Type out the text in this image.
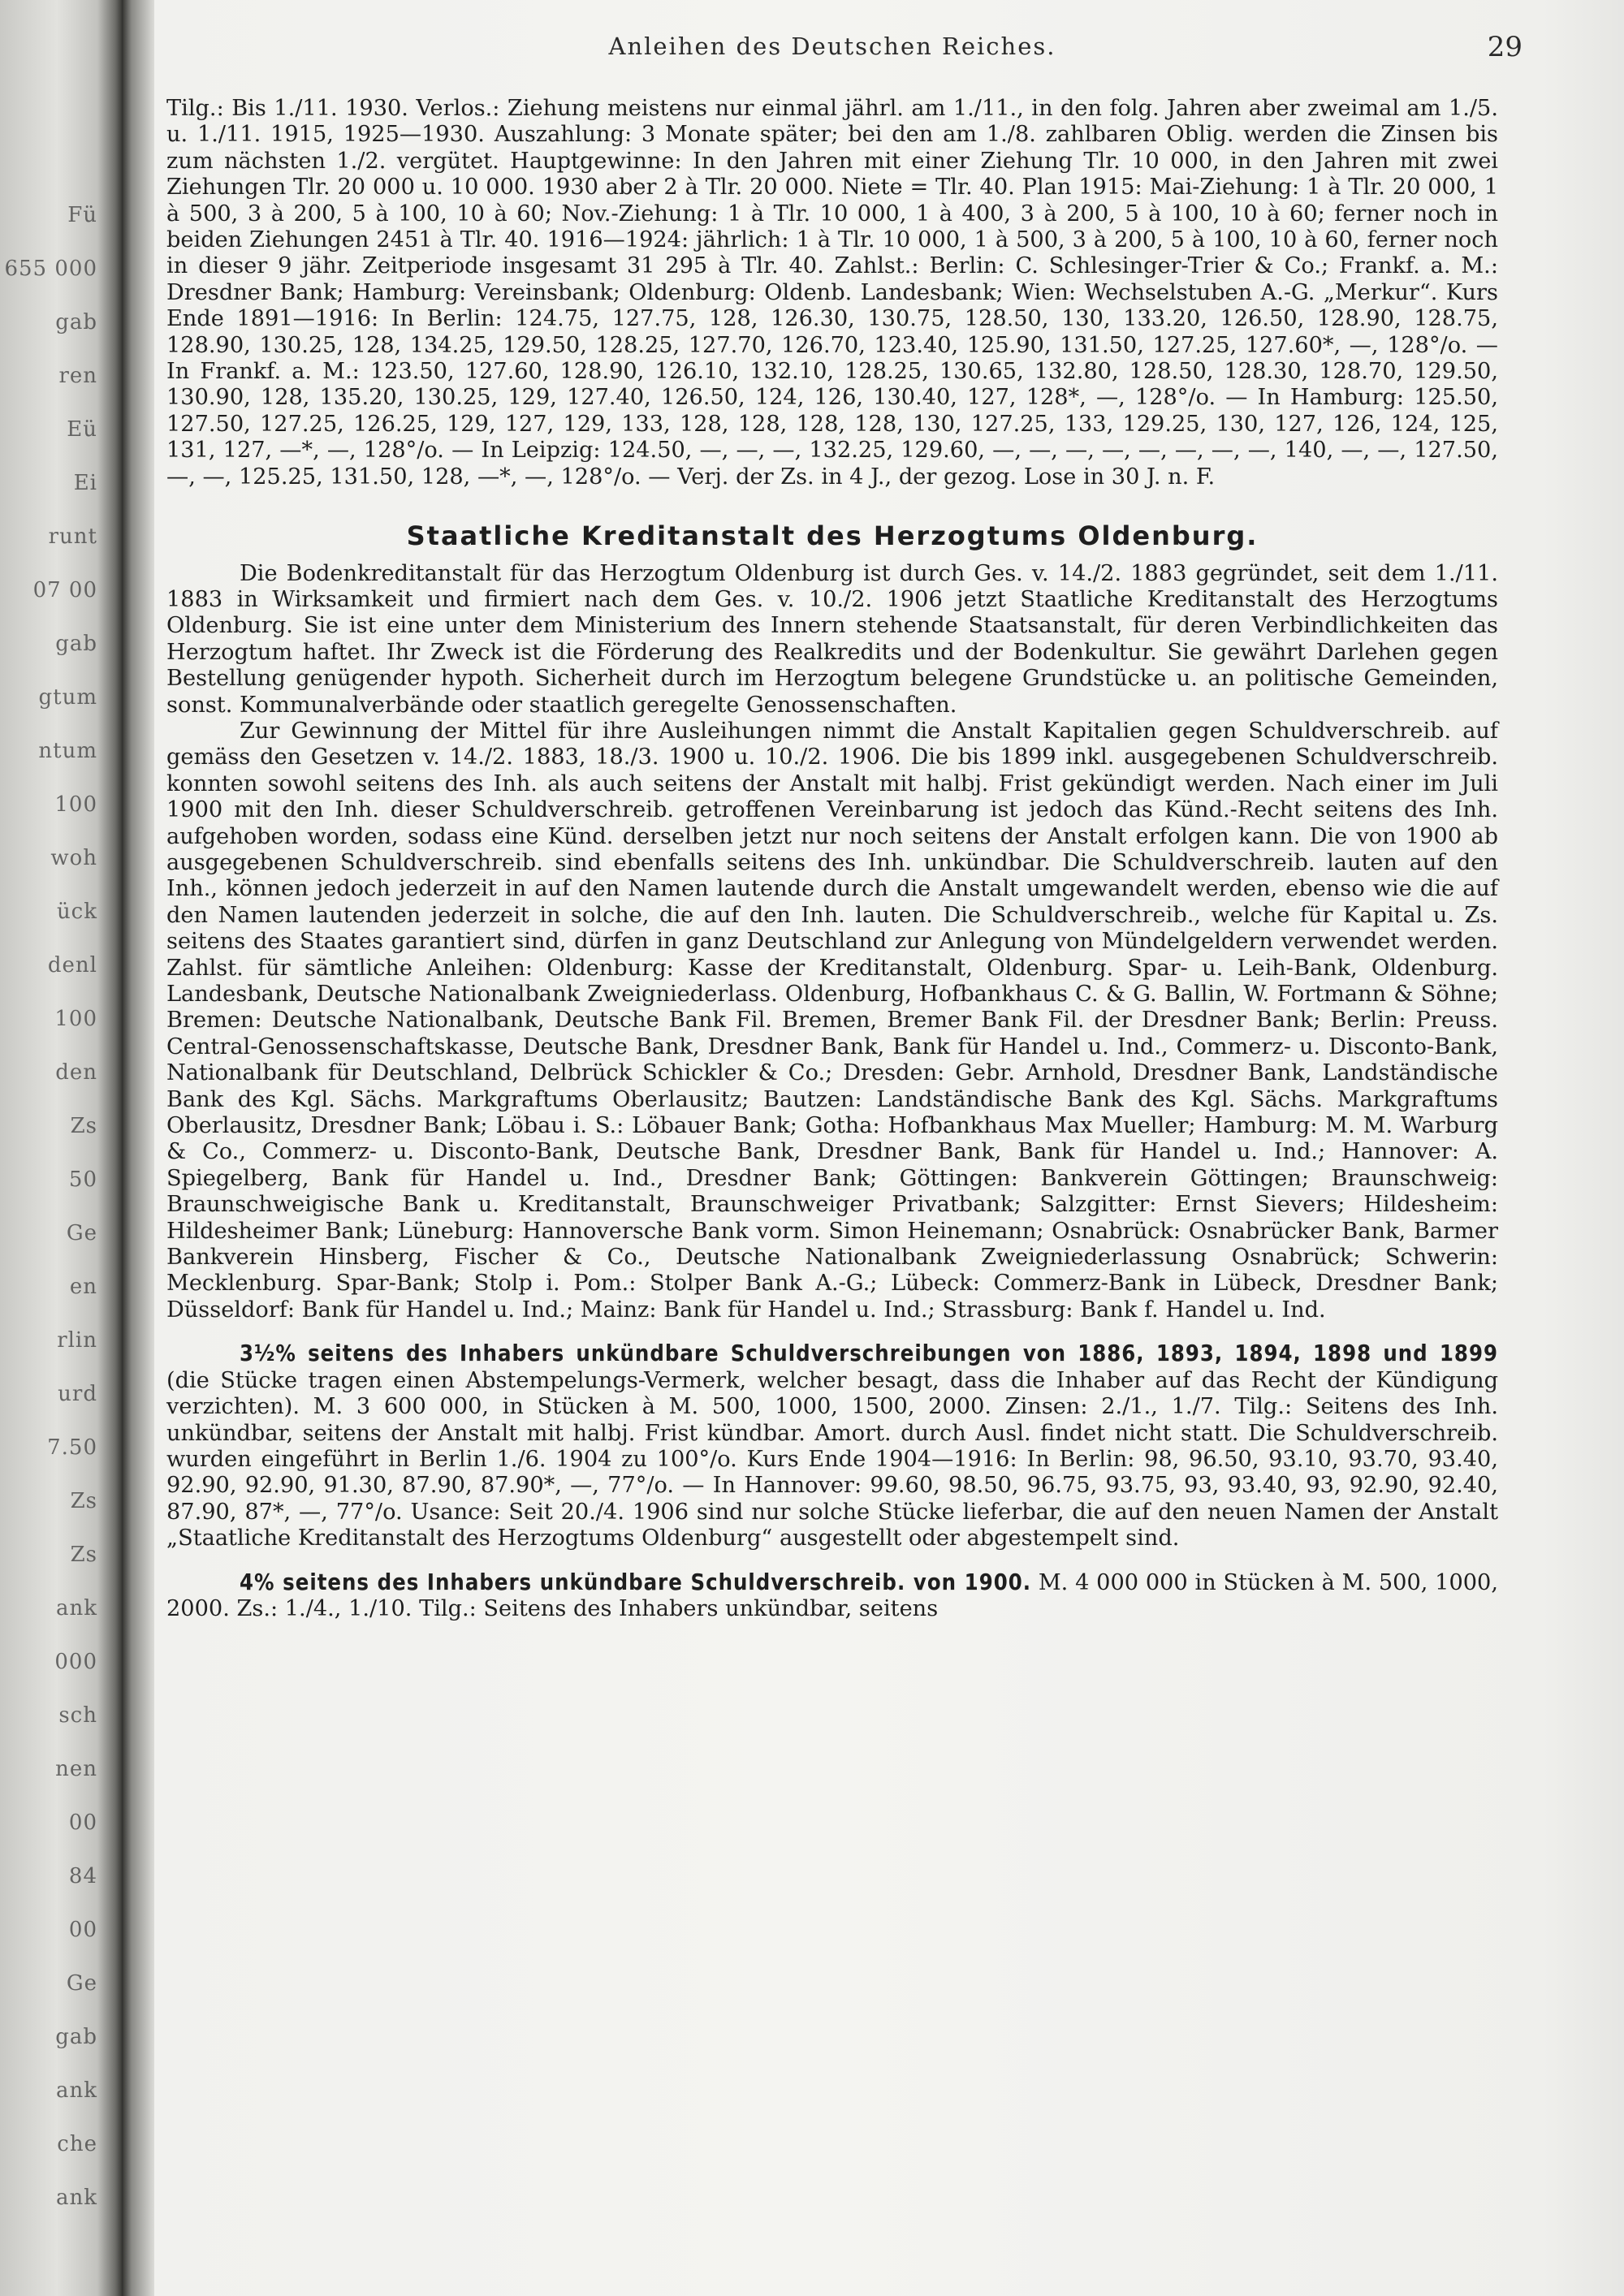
Fü
655 000
gab
ren
Eü
Ei
runt
07 00
gab
gtum
ntum
100
woh
ück
denl
100
den
Zs
50
Ge
en
rlin
urd
7.50
Zs
Zs
ank
000
sch
nen
00
84
00
Ge
gab
ank
che
ank
Anleihen des Deutschen Reiches.	29

Tilg.: Bis 1./11. 1930. Verlos.: Ziehung meistens nur einmal jährl. am 1./11., in den folg. Jahren aber zweimal am 1./5. u. 1./11. 1915, 1925—1930. Auszahlung: 3 Monate später; bei den am 1./8. zahlbaren Oblig. werden die Zinsen bis zum nächsten 1./2. vergütet. Hauptgewinne: In den Jahren mit einer Ziehung Tlr. 10 000, in den Jahren mit zwei Ziehungen Tlr. 20 000 u. 10 000. 1930 aber 2 à Tlr. 20 000. Niete = Tlr. 40. Plan 1915: Mai-Ziehung: 1 à Tlr. 20 000, 1 à 500, 3 à 200, 5 à 100, 10 à 60; Nov.-Ziehung: 1 à Tlr. 10 000, 1 à 400, 3 à 200, 5 à 100, 10 à 60; ferner noch in beiden Ziehungen 2451 à Tlr. 40. 1916—1924: jährlich: 1 à Tlr. 10 000, 1 à 500, 3 à 200, 5 à 100, 10 à 60, ferner noch in dieser 9 jähr. Zeitperiode insgesamt 31 295 à Tlr. 40. Zahlst.: Berlin: C. Schlesinger-Trier & Co.; Frankf. a. M.: Dresdner Bank; Hamburg: Vereinsbank; Oldenburg: Oldenb. Landesbank; Wien: Wechselstuben A.-G. „Merkur“. Kurs Ende 1891—1916: In Berlin: 124.75, 127.75, 128, 126.30, 130.75, 128.50, 130, 133.20, 126.50, 128.90, 128.75, 128.90, 130.25, 128, 134.25, 129.50, 128.25, 127.70, 126.70, 123.40, 125.90, 131.50, 127.25, 127.60*, —, 128°/o. — In Frankf. a. M.: 123.50, 127.60, 128.90, 126.10, 132.10, 128.25, 130.65, 132.80, 128.50, 128.30, 128.70, 129.50, 130.90, 128, 135.20, 130.25, 129, 127.40, 126.50, 124, 126, 130.40, 127, 128*, —, 128°/o. — In Hamburg: 125.50, 127.50, 127.25, 126.25, 129, 127, 129, 133, 128, 128, 128, 128, 130, 127.25, 133, 129.25, 130, 127, 126, 124, 125, 131, 127, —*, —, 128°/o. — In Leipzig: 124.50, —, —, —, 132.25, 129.60, —, —, —, —, —, —, —, —, 140, —, —, 127.50, —, —, 125.25, 131.50, 128, —*, —, 128°/o. — Verj. der Zs. in 4 J., der gezog. Lose in 30 J. n. F.

Staatliche Kreditanstalt des Herzogtums Oldenburg.

Die Bodenkreditanstalt für das Herzogtum Oldenburg ist durch Ges. v. 14./2. 1883 gegründet, seit dem 1./11. 1883 in Wirksamkeit und firmiert nach dem Ges. v. 10./2. 1906 jetzt Staatliche Kreditanstalt des Herzogtums Oldenburg. Sie ist eine unter dem Ministerium des Innern stehende Staatsanstalt, für deren Verbindlichkeiten das Herzogtum haftet. Ihr Zweck ist die Förderung des Realkredits und der Bodenkultur. Sie gewährt Darlehen gegen Bestellung genügender hypoth. Sicherheit durch im Herzogtum belegene Grundstücke u. an politische Gemeinden, sonst. Kommunalverbände oder staatlich geregelte Genossenschaften.

Zur Gewinnung der Mittel für ihre Ausleihungen nimmt die Anstalt Kapitalien gegen Schuldverschreib. auf gemäss den Gesetzen v. 14./2. 1883, 18./3. 1900 u. 10./2. 1906. Die bis 1899 inkl. ausgegebenen Schuldverschreib. konnten sowohl seitens des Inh. als auch seitens der Anstalt mit halbj. Frist gekündigt werden. Nach einer im Juli 1900 mit den Inh. dieser Schuldverschreib. getroffenen Vereinbarung ist jedoch das Künd.-Recht seitens des Inh. aufgehoben worden, sodass eine Künd. derselben jetzt nur noch seitens der Anstalt erfolgen kann. Die von 1900 ab ausgegebenen Schuldverschreib. sind ebenfalls seitens des Inh. unkündbar. Die Schuldverschreib. lauten auf den Inh., können jedoch jederzeit in auf den Namen lautende durch die Anstalt umgewandelt werden, ebenso wie die auf den Namen lautenden jederzeit in solche, die auf den Inh. lauten. Die Schuldverschreib., welche für Kapital u. Zs. seitens des Staates garantiert sind, dürfen in ganz Deutschland zur Anlegung von Mündelgeldern verwendet werden. Zahlst. für sämtliche Anleihen: Oldenburg: Kasse der Kreditanstalt, Oldenburg. Spar- u. Leih-Bank, Oldenburg. Landesbank, Deutsche Nationalbank Zweigniederlass. Oldenburg, Hofbankhaus C. & G. Ballin, W. Fortmann & Söhne; Bremen: Deutsche Nationalbank, Deutsche Bank Fil. Bremen, Bremer Bank Fil. der Dresdner Bank; Berlin: Preuss. Central-Genossenschaftskasse, Deutsche Bank, Dresdner Bank, Bank für Handel u. Ind., Commerz- u. Disconto-Bank, Nationalbank für Deutschland, Delbrück Schickler & Co.; Dresden: Gebr. Arnhold, Dresdner Bank, Landständische Bank des Kgl. Sächs. Markgraftums Oberlausitz; Bautzen: Landständische Bank des Kgl. Sächs. Markgraftums Oberlausitz, Dresdner Bank; Löbau i. S.: Löbauer Bank; Gotha: Hofbankhaus Max Mueller; Hamburg: M. M. Warburg & Co., Commerz- u. Disconto-Bank, Deutsche Bank, Dresdner Bank, Bank für Handel u. Ind.; Hannover: A. Spiegelberg, Bank für Handel u. Ind., Dresdner Bank; Göttingen: Bankverein Göttingen; Braunschweig: Braunschweigische Bank u. Kreditanstalt, Braunschweiger Privatbank; Salzgitter: Ernst Sievers; Hildesheim: Hildesheimer Bank; Lüneburg: Hannoversche Bank vorm. Simon Heinemann; Osnabrück: Osnabrücker Bank, Barmer Bankverein Hinsberg, Fischer & Co., Deutsche Nationalbank Zweigniederlassung Osnabrück; Schwerin: Mecklenburg. Spar-Bank; Stolp i. Pom.: Stolper Bank A.-G.; Lübeck: Commerz-Bank in Lübeck, Dresdner Bank; Düsseldorf: Bank für Handel u. Ind.; Mainz: Bank für Handel u. Ind.; Strassburg: Bank f. Handel u. Ind.

3½% seitens des Inhabers unkündbare Schuldverschreibungen von 1886, 1893, 1894, 1898 und 1899 (die Stücke tragen einen Abstempelungs-Vermerk, welcher besagt, dass die Inhaber auf das Recht der Kündigung verzichten). M. 3 600 000, in Stücken à M. 500, 1000, 1500, 2000. Zinsen: 2./1., 1./7. Tilg.: Seitens des Inh. unkündbar, seitens der Anstalt mit halbj. Frist kündbar. Amort. durch Ausl. findet nicht statt. Die Schuldverschreib. wurden eingeführt in Berlin 1./6. 1904 zu 100°/o. Kurs Ende 1904—1916: In Berlin: 98, 96.50, 93.10, 93.70, 93.40, 92.90, 92.90, 91.30, 87.90, 87.90*, —, 77°/o. — In Hannover: 99.60, 98.50, 96.75, 93.75, 93, 93.40, 93, 92.90, 92.40, 87.90, 87*, —, 77°/o. Usance: Seit 20./4. 1906 sind nur solche Stücke lieferbar, die auf den neuen Namen der Anstalt „Staatliche Kreditanstalt des Herzogtums Oldenburg“ ausgestellt oder abgestempelt sind.

4% seitens des Inhabers unkündbare Schuldverschreib. von 1900. M. 4 000 000 in Stücken à M. 500, 1000, 2000. Zs.: 1./4., 1./10. Tilg.: Seitens des Inhabers unkündbar, seitens
